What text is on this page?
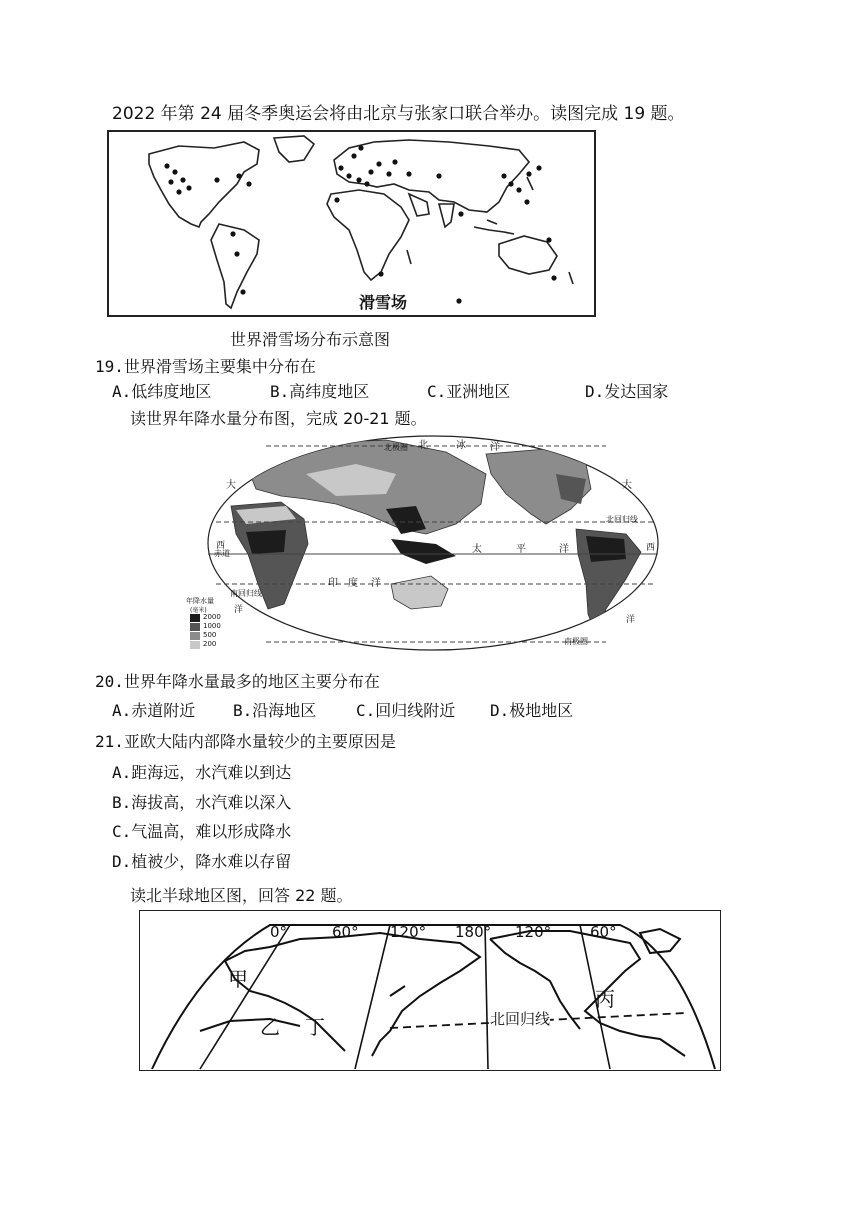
2022 年第 24 届冬季奥运会将由北京与张家口联合举办。读图完成 19 题。
滑雪场
世界滑雪场分布示意图
19.世界滑雪场主要集中分布在
A.低纬度地区	B.高纬度地区	C.亚洲地区	D.发达国家
读世界年降水量分布图，完成 20-21 题。
北	冰 洋
北极圈
大	大
北回归线
西
赤道
西
太	平	洋
印 度 洋
南回归线
洋
洋
南极圈
年降水量
(毫米)
2000
1000
500
200
20.世界年降水量最多的地区主要分布在
A.赤道附近 B.沿海地区 C.回归线附近 D.极地地区
21.亚欧大陆内部降水量较少的主要原因是
A.距海远，水汽难以到达
B.海拔高，水汽难以深入
C.气温高，难以形成降水
D.植被少，降水难以存留
读北半球地区图，回答 22 题。
0°	60° 120° 180° 120°	60°
甲
乙 丁
丙
北回归线
